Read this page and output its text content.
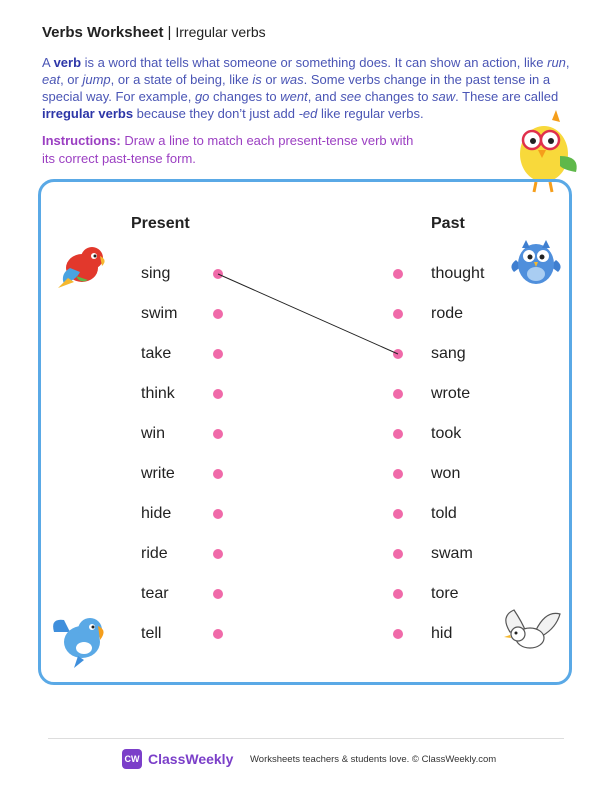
Verbs Worksheet | Irregular verbs
A verb is a word that tells what someone or something does. It can show an action, like run, eat, or jump, or a state of being, like is or was. Some verbs change in the past tense in a special way. For example, go changes to went, and see changes to saw. These are called irregular verbs because they don’t just add -ed like regular verbs.
Instructions: Draw a line to match each present-tense verb with its correct past-tense form.
Present	Past
sing
swim
take
think
win
write
hide
ride
tear
tell
thought
rode
sang
wrote
took
won
told
swam
tore
hid
CW ClassWeekly Worksheets teachers & students love. © ClassWeekly.com
